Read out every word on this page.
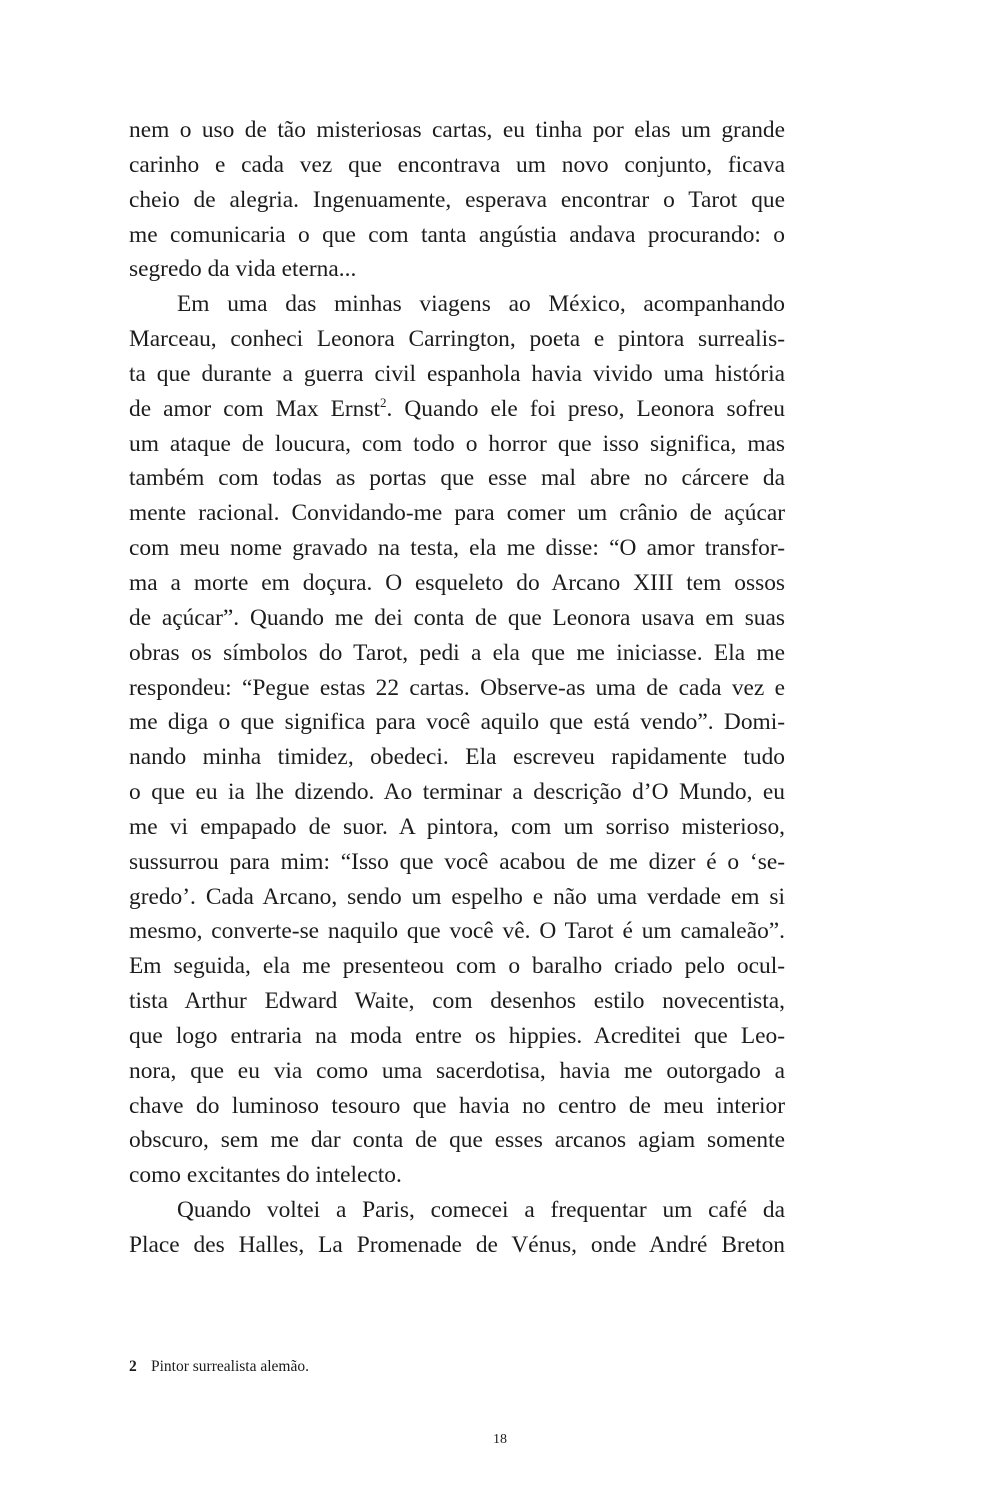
nem o uso de tão misteriosas cartas, eu tinha por elas um grande
carinho e cada vez que encontrava um novo conjunto, ficava
cheio de alegria. Ingenuamente, esperava encontrar o Tarot que
me comunicaria o que com tanta angústia andava procurando: o
segredo da vida eterna...
Em uma das minhas viagens ao México, acompanhando
Marceau, conheci Leonora Carrington, poeta e pintora surrealis-
ta que durante a guerra civil espanhola havia vivido uma história
de amor com Max Ernst$^2$. Quando ele foi preso, Leonora sofreu
um ataque de loucura, com todo o horror que isso significa, mas
também com todas as portas que esse mal abre no cárcere da
mente racional. Convidando-me para comer um crânio de açúcar
com meu nome gravado na testa, ela me disse: “O amor transfor-
ma a morte em doçura. O esqueleto do Arcano XIII tem ossos
de açúcar”. Quando me dei conta de que Leonora usava em suas
obras os símbolos do Tarot, pedi a ela que me iniciasse. Ela me
respondeu: “Pegue estas 22 cartas. Observe-as uma de cada vez e
me diga o que significa para você aquilo que está vendo”. Domi-
nando minha timidez, obedeci. Ela escreveu rapidamente tudo
o que eu ia lhe dizendo. Ao terminar a descrição d’O Mundo, eu
me vi empapado de suor. A pintora, com um sorriso misterioso,
sussurrou para mim: “Isso que você acabou de me dizer é o ‘se-
gredo’. Cada Arcano, sendo um espelho e não uma verdade em si
mesmo, converte-se naquilo que você vê. O Tarot é um camaleão”.
Em seguida, ela me presenteou com o baralho criado pelo ocul-
tista Arthur Edward Waite, com desenhos estilo novecentista,
que logo entraria na moda entre os hippies. Acreditei que Leo-
nora, que eu via como uma sacerdotisa, havia me outorgado a
chave do luminoso tesouro que havia no centro de meu interior
obscuro, sem me dar conta de que esses arcanos agiam somente
como excitantes do intelecto.
Quando voltei a Paris, comecei a frequentar um café da
Place des Halles, La Promenade de Vénus, onde André Breton
2 Pintor surrealista alemão.
18
